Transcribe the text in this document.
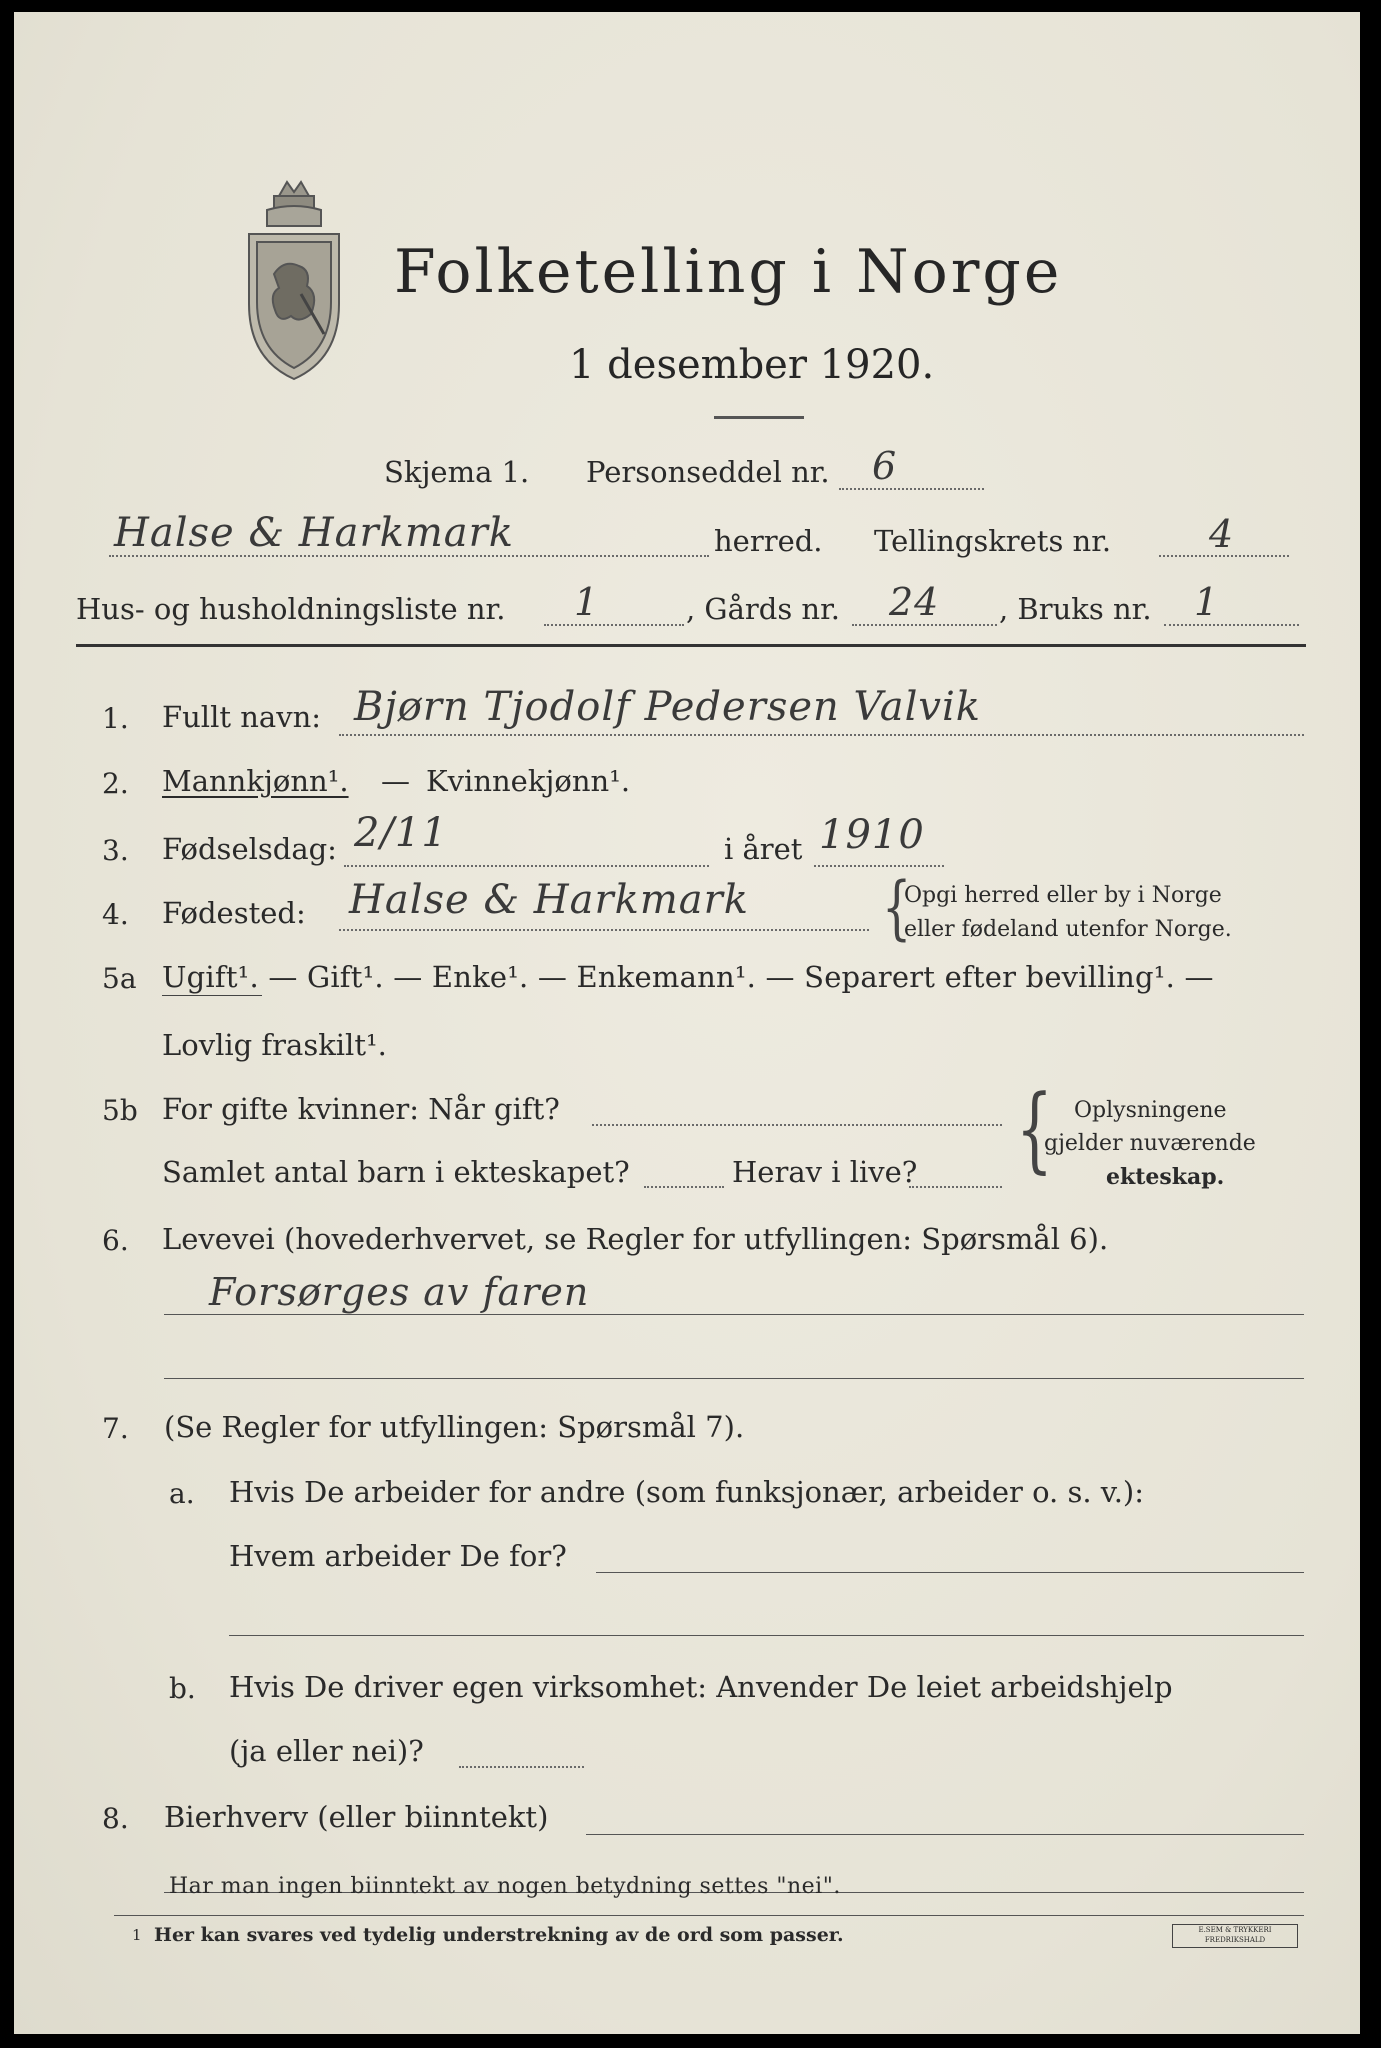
Folketelling i Norge
1 desember 1920.
Skjema 1. Personseddel nr. 6
Halse & Harkmark	herred. Tellingskrets nr.	4
Hus- og husholdningsliste nr. 1	, Gårds nr. 24 , Bruks nr. 1
1. Fullt navn: Bjørn Tjodolf Pedersen Valvik
2. Mannkjønn¹. — Kvinnekjønn¹.
3. Fødselsdag: 2/11	i året 1910
4. Fødested: Halse & Harkmark	{
Opgi herred eller by i Norge
eller fødeland utenfor Norge.
5a Ugift¹. — Gift¹. — Enke¹. — Enkemann¹. — Separert efter bevilling¹. —
Lovlig fraskilt¹.
5b For gifte kvinner: Når gift?
Samlet antal barn i ekteskapet?	Herav i live? { Oplysningene
gjelder nuværende
ekteskap.
6. Levevei (hovederhvervet, se Regler for utfyllingen: Spørsmål 6).
Forsørges av faren
7. (Se Regler for utfyllingen: Spørsmål 7).
a. Hvis De arbeider for andre (som funksjonær, arbeider o. s. v.):
Hvem arbeider De for?
b. Hvis De driver egen virksomhet: Anvender De leiet arbeidshjelp
(ja eller nei)?
8. Bierhverv (eller biinntekt)
Har man ingen biinntekt av nogen betydning settes "nei".
1 Her kan svares ved tydelig understrekning av de ord som passer.	E.SEM & TRYKKERI FREDRIKSHALD
